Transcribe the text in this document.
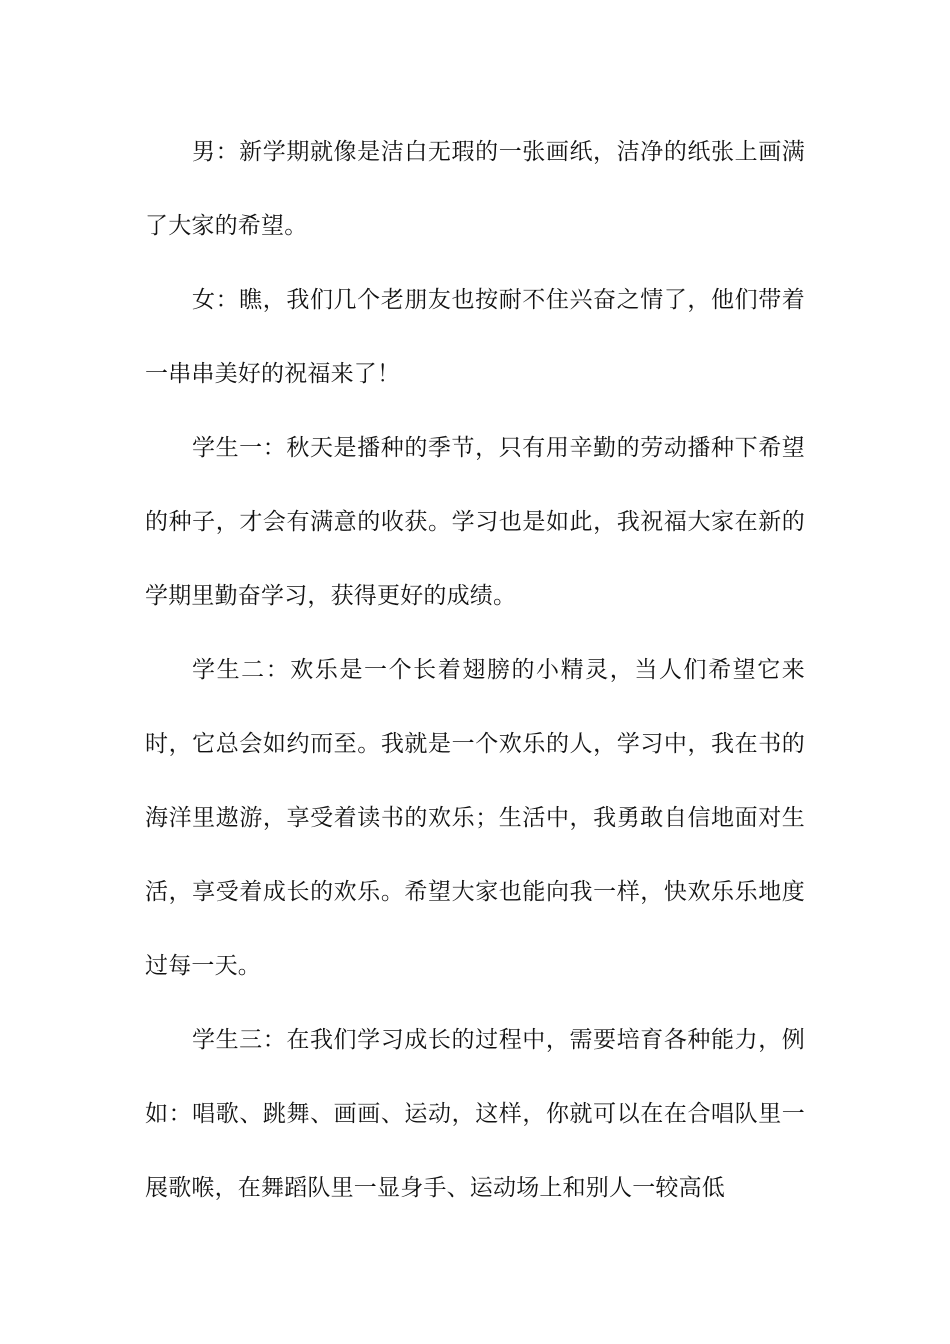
男：新学期就像是洁白无瑕的一张画纸，洁净的纸张上画满了大家的希望。

女：瞧，我们几个老朋友也按耐不住兴奋之情了，他们带着一串串美好的祝福来了！

学生一：秋天是播种的季节，只有用辛勤的劳动播种下希望的种子，才会有满意的收获。学习也是如此，我祝福大家在新的学期里勤奋学习，获得更好的成绩。

学生二：欢乐是一个长着翅膀的小精灵，当人们希望它来时，它总会如约而至。我就是一个欢乐的人，学习中，我在书的海洋里遨游，享受着读书的欢乐；生活中，我勇敢自信地面对生活，享受着成长的欢乐。希望大家也能向我一样，快欢乐乐地度过每一天。

学生三：在我们学习成长的过程中，需要培育各种能力，例如：唱歌、跳舞、画画、运动，这样，你就可以在在合唱队里一展歌喉，在舞蹈队里一显身手、运动场上和别人一较高低
